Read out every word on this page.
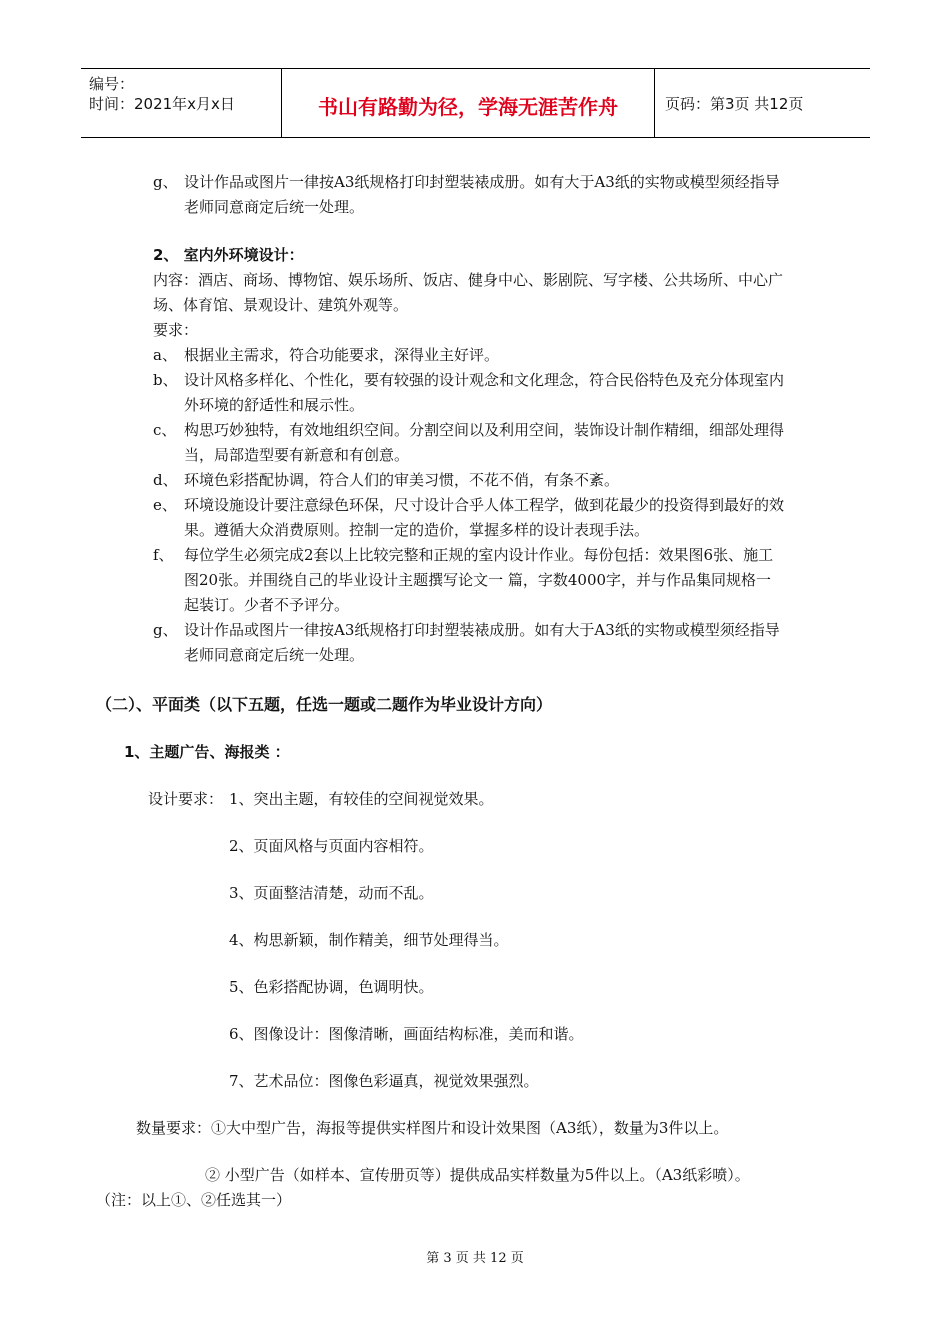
编号：
时间：2021年x月x日	书山有路勤为径，学海无涯苦作舟	页码：第3页 共12页
g、 设计作品或图片一律按A3纸规格打印封塑装裱成册。如有大于A3纸的实物或模型须经指导
老师同意商定后统一处理。
2、 室内外环境设计：
内容：酒店、商场、博物馆、娱乐场所、饭店、健身中心、影剧院、写字楼、公共场所、中心广
场、体育馆、景观设计、建筑外观等。
要求：
a、 根据业主需求，符合功能要求，深得业主好评。
b、 设计风格多样化、个性化，要有较强的设计观念和文化理念，符合民俗特色及充分体现室内
外环境的舒适性和展示性。
c、 构思巧妙独特，有效地组织空间。分割空间以及利用空间，装饰设计制作精细，细部处理得
当，局部造型要有新意和有创意。
d、 环境色彩搭配协调，符合人们的审美习惯，不花不俏，有条不紊。
e、 环境设施设计要注意绿色环保，尺寸设计合乎人体工程学，做到花最少的投资得到最好的效
果。遵循大众消费原则。控制一定的造价，掌握多样的设计表现手法。
f、 每位学生必须完成2套以上比较完整和正规的室内设计作业。每份包括：效果图6张、施工
图20张。并围绕自己的毕业设计主题撰写论文一 篇，字数4000字，并与作品集同规格一
起装订。少者不予评分。
g、 设计作品或图片一律按A3纸规格打印封塑装裱成册。如有大于A3纸的实物或模型须经指导
老师同意商定后统一处理。
（二）、平面类（以下五题，任选一题或二题作为毕业设计方向）
1、主题广告、海报类 ：
设计要求： 1、突出主题，有较佳的空间视觉效果。
2、页面风格与页面内容相符。
3、页面整洁清楚，动而不乱。
4、构思新颖，制作精美，细节处理得当。
5、色彩搭配协调，色调明快。
6、图像设计：图像清晰，画面结构标准，美而和谐。
7、艺术品位：图像色彩逼真，视觉效果强烈。
数量要求：①大中型广告，海报等提供实样图片和设计效果图（A3纸），数量为3件以上。
② 小型广告（如样本、宣传册页等）提供成品实样数量为5件以上。（A3纸彩喷）。
（注：以上①、②任选其一）
第 3 页 共 12 页
